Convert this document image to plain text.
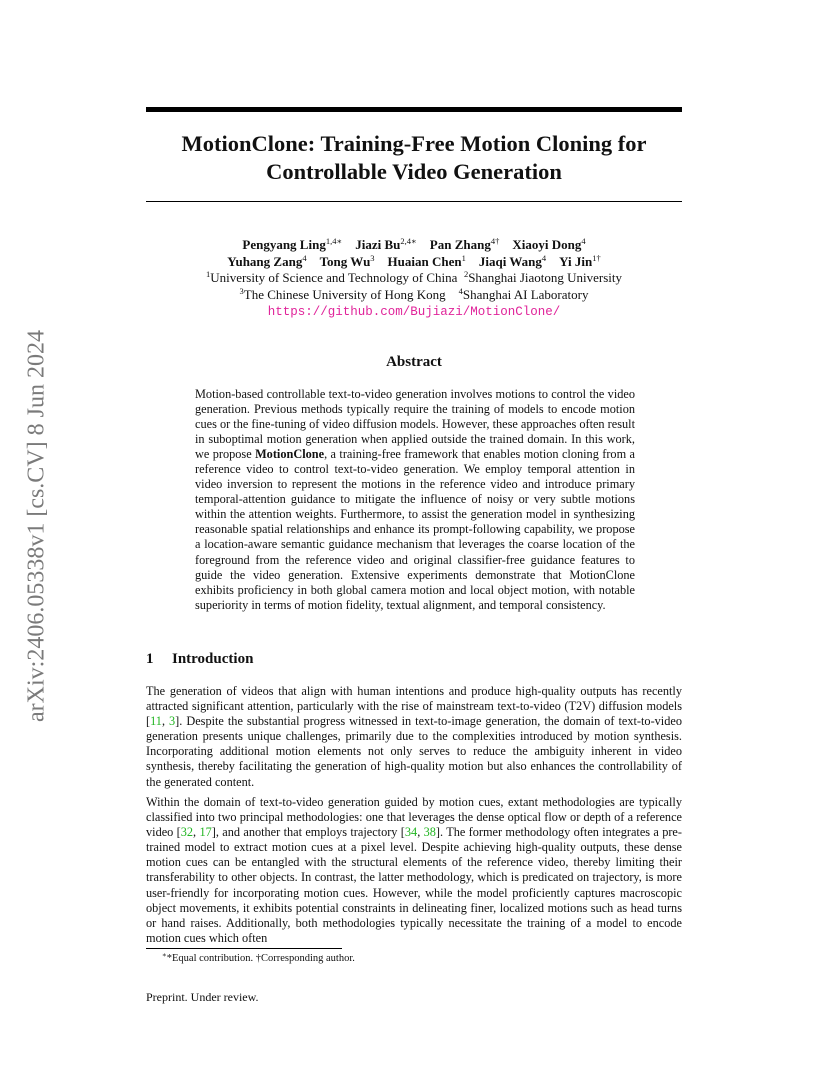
arXiv:2406.05338v1 [cs.CV] 8 Jun 2024
MotionClone: Training-Free Motion Cloning for
Controllable Video Generation
Pengyang Ling$^{1,4∗}$ Jiazi $Bu^{2,4∗}$ Pan Zhang$^{4\dagger}$ Xiaoyi Dong$^4$
Yuhang Zang$^4$ Tong Wu$^3$ Huaian Chen$^1$ Jiaqi Wang$^4$ Yi Jin$^{1\dagger}$
$^1$University of Science and Technology of China $^2$Shanghai Jiaotong University
$^3$The Chinese University of Hong Kong $^4$Shanghai AI Laboratory
https://github.com/Bujiazi/MotionClone/
Abstract
Motion-based controllable text-to-video generation involves motions to control the video generation. Previous methods typically require the training of models to encode motion cues or the fine-tuning of video diffusion models. However, these approaches often result in suboptimal motion generation when applied outside the trained domain. In this work, we propose MotionClone, a training-free framework that enables motion cloning from a reference video to control text-to-video generation. We employ temporal attention in video inversion to represent the motions in the reference video and introduce primary temporal-attention guidance to mitigate the influence of noisy or very subtle motions within the attention weights. Furthermore, to assist the generation model in synthesizing reasonable spatial relationships and enhance its prompt-following capability, we propose a location-aware semantic guidance mechanism that leverages the coarse location of the foreground from the reference video and original classifier-free guidance features to guide the video generation. Extensive experiments demonstrate that MotionClone exhibits proficiency in both global camera motion and local object motion, with notable superiority in terms of motion fidelity, textual alignment, and temporal consistency.
1 Introduction
The generation of videos that align with human intentions and produce high-quality outputs has recently attracted significant attention, particularly with the rise of mainstream text-to-video (T2V) diffusion models [11, 3]. Despite the substantial progress witnessed in text-to-image generation, the domain of text-to-video generation presents unique challenges, primarily due to the complexities introduced by motion synthesis. Incorporating additional motion elements not only serves to reduce the ambiguity inherent in video synthesis, thereby facilitating the generation of high-quality motion but also enhances the controllability of the generated content.
Within the domain of text-to-video generation guided by motion cues, extant methodologies are typically classified into two principal methodologies: one that leverages the dense optical flow or depth of a reference video [32, 17], and another that employs trajectory [34, 38]. The former methodology often integrates a pre-trained model to extract motion cues at a pixel level. Despite achieving high-quality outputs, these dense motion cues can be entangled with the structural elements of the reference video, thereby limiting their transferability to other objects. In contrast, the latter methodology, which is predicated on trajectory, is more user-friendly for incorporating motion cues. However, while the model proficiently captures macroscopic object movements, it exhibits potential constraints in delineating finer, localized motions such as head turns or hand raises. Additionally, both methodologies typically necessitate the training of a model to encode motion cues which often
∗*Equal contribution. †Corresponding author.
Preprint. Under review.
